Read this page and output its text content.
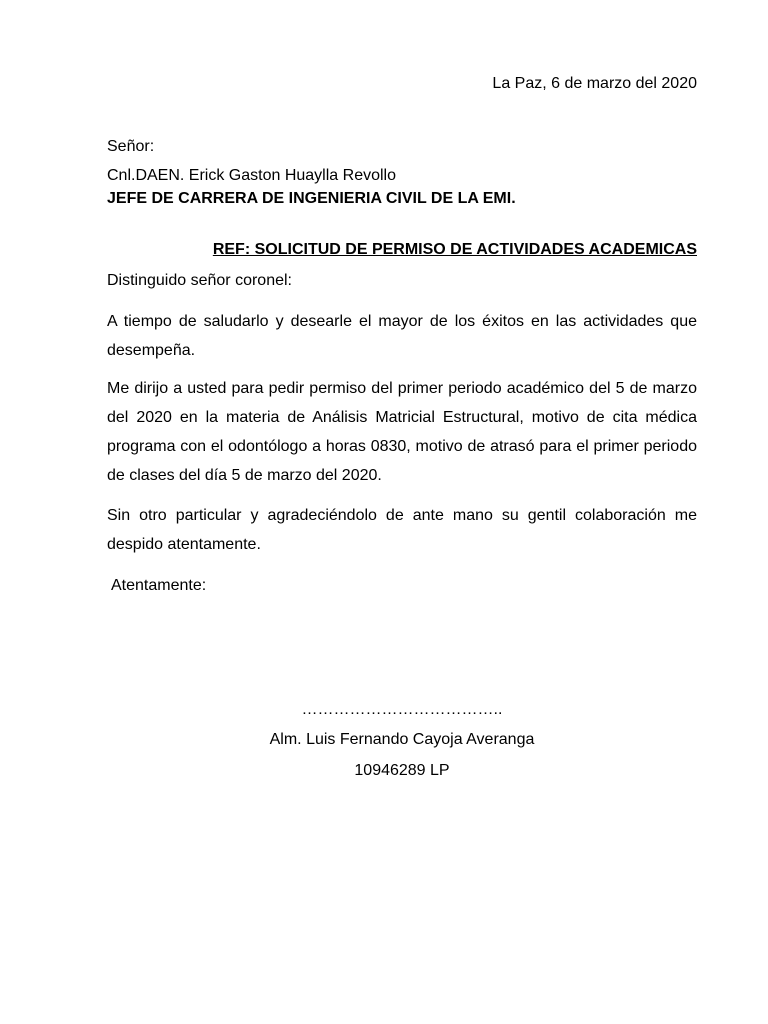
La Paz, 6 de marzo del 2020
Señor:
Cnl.DAEN. Erick Gaston Huaylla Revollo
JEFE DE CARRERA DE INGENIERIA CIVIL DE LA EMI.
REF: SOLICITUD DE PERMISO DE ACTIVIDADES ACADEMICAS
Distinguido señor coronel:
A tiempo de saludarlo y desearle el mayor de los éxitos en las actividades que desempeña.
Me dirijo a usted para pedir permiso del primer periodo académico del 5 de marzo del 2020 en la materia de Análisis Matricial Estructural, motivo de cita médica programa con el odontólogo a horas 0830, motivo de atrasó para el primer periodo de clases del día 5 de marzo del 2020.
Sin otro particular y agradeciéndolo de ante mano su gentil colaboración me despido atentamente.
Atentamente:
………………………………..
Alm. Luis Fernando Cayoja Averanga
10946289 LP
